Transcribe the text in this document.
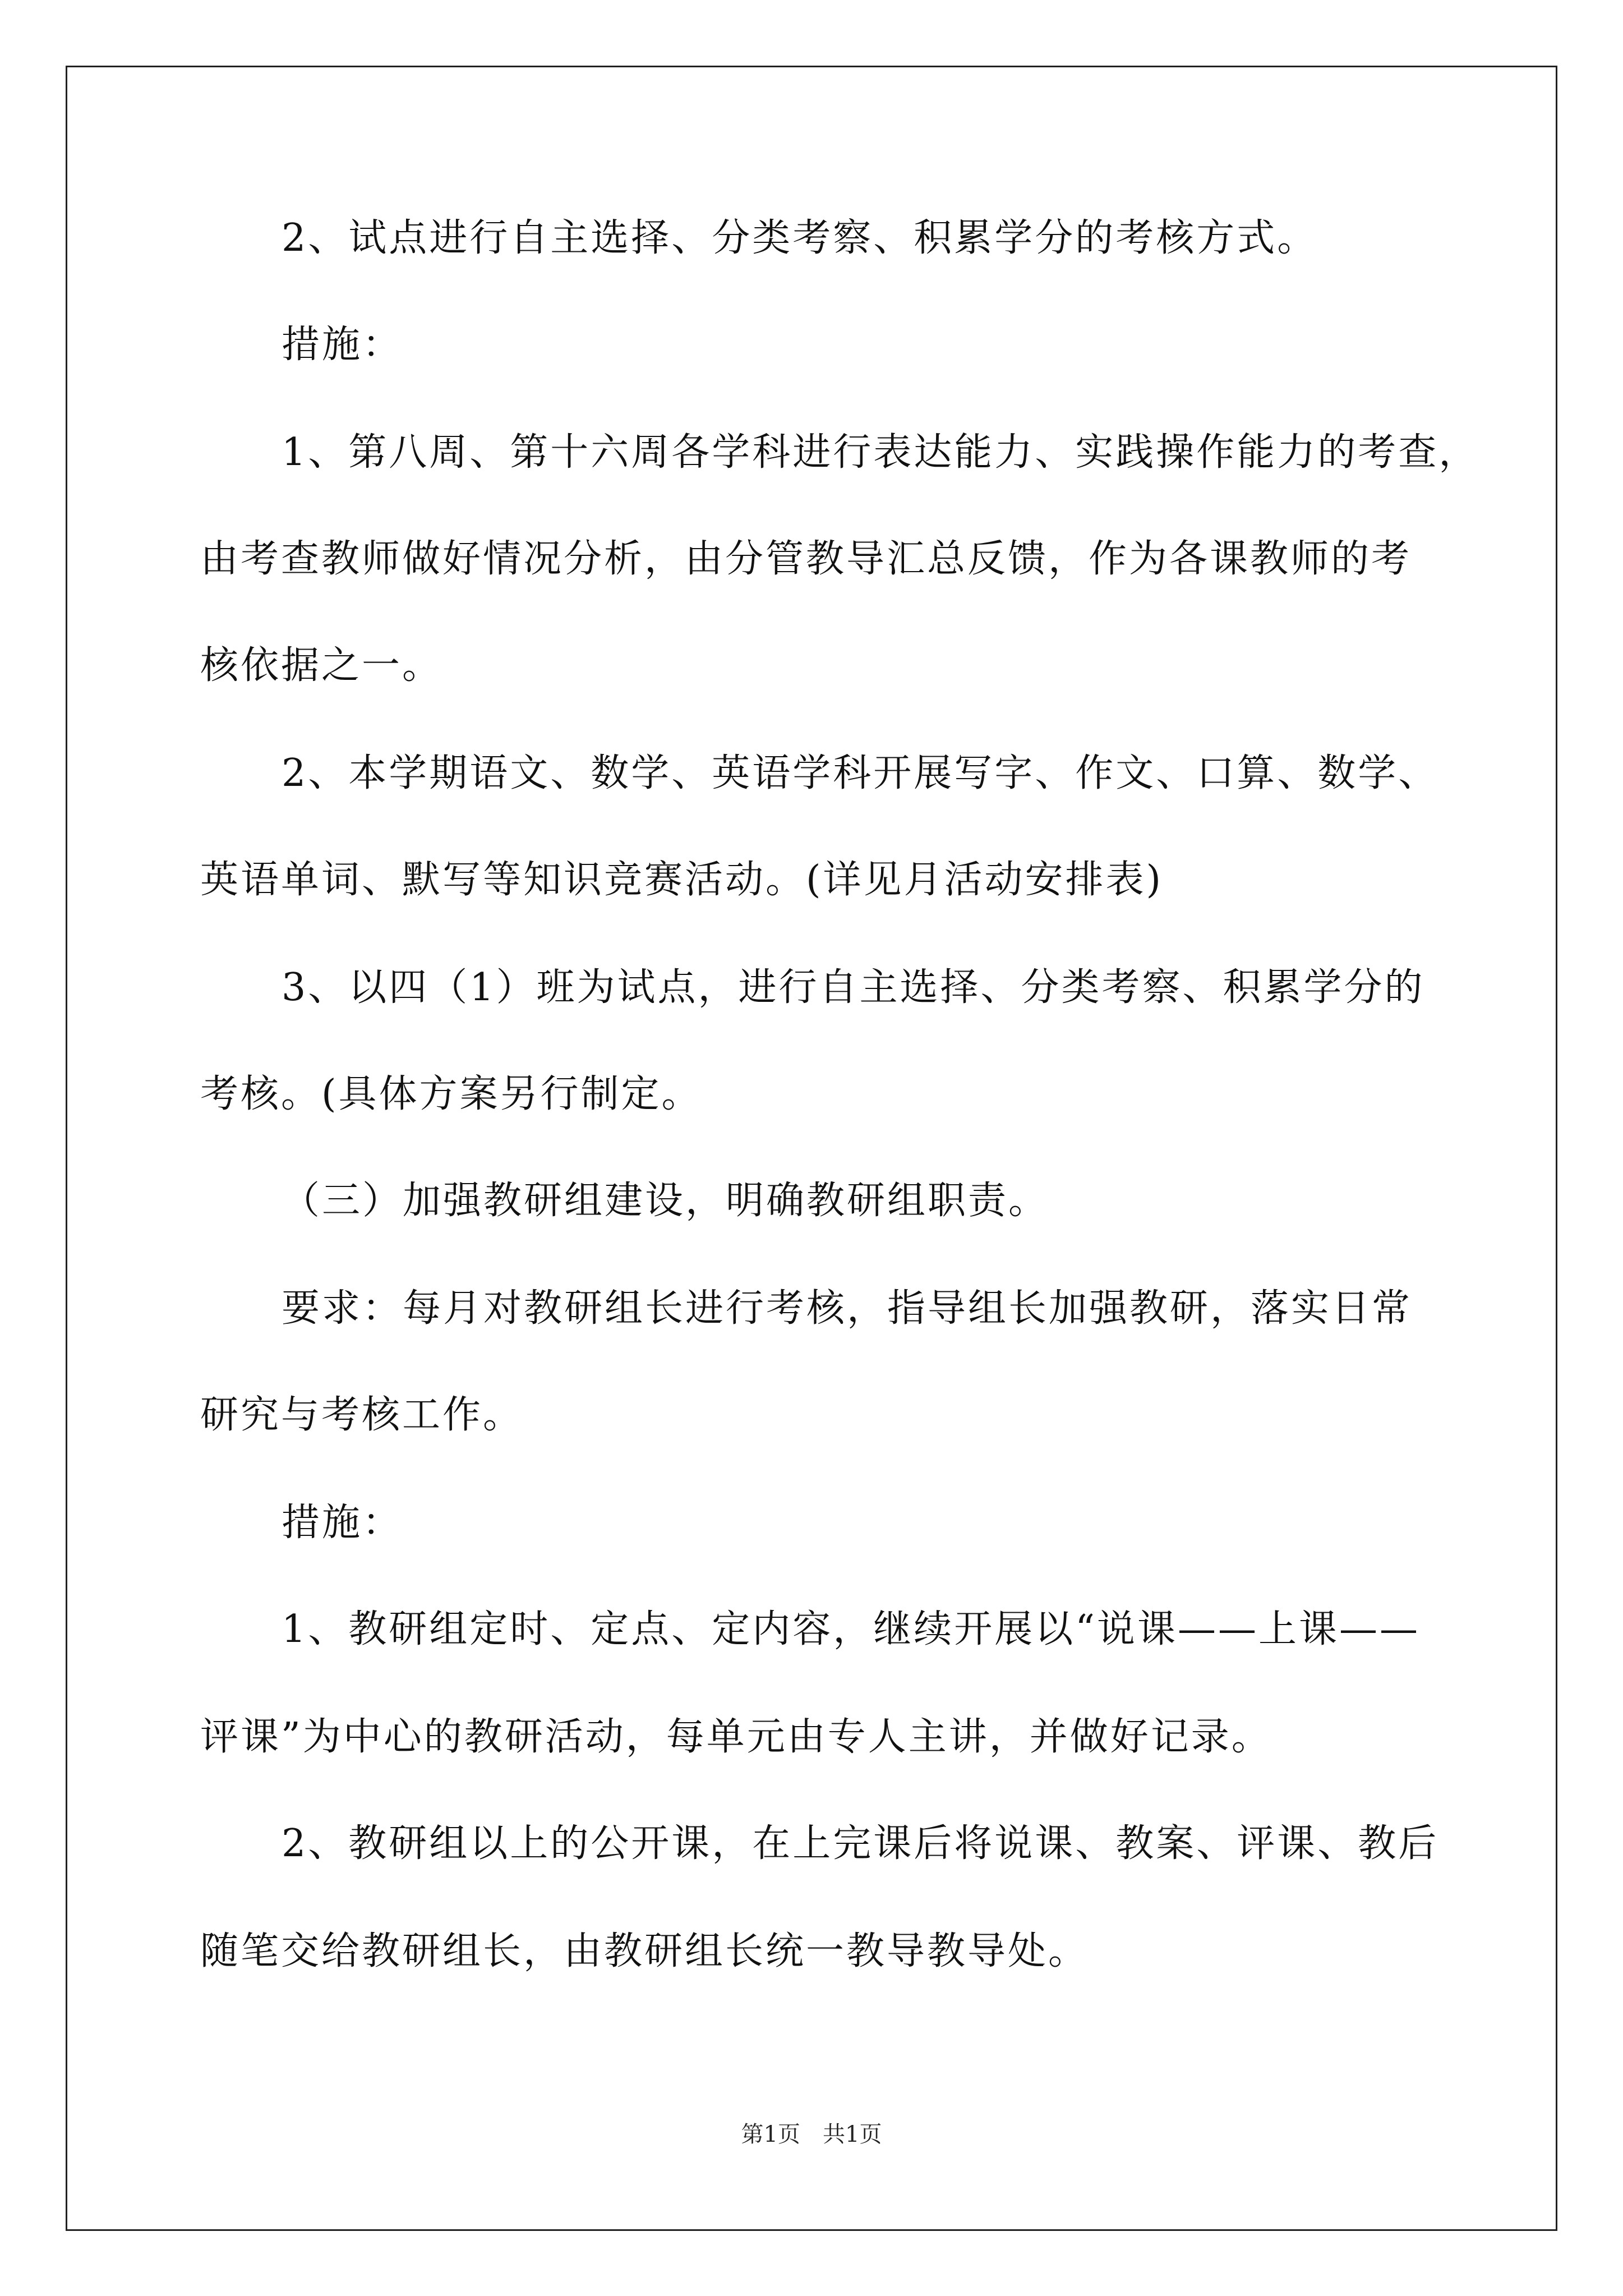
2、试点进行自主选择、分类考察、积累学分的考核方式。
措施：
1、第八周、第十六周各学科进行表达能力、实践操作能力的考查，
由考查教师做好情况分析，由分管教导汇总反馈，作为各课教师的考
核依据之一。
2、本学期语文、数学、英语学科开展写字、作文、口算、数学、
英语单词、默写等知识竞赛活动。(详见月活动安排表)
3、以四（1）班为试点，进行自主选择、分类考察、积累学分的
考核。(具体方案另行制定。
（三）加强教研组建设，明确教研组职责。
要求：每月对教研组长进行考核，指导组长加强教研，落实日常
研究与考核工作。
措施：
1、教研组定时、定点、定内容，继续开展以“说课——上课——
评课”为中心的教研活动，每单元由专人主讲，并做好记录。
2、教研组以上的公开课，在上完课后将说课、教案、评课、教后
随笔交给教研组长，由教研组长统一教导教导处。
第1页 共1页
